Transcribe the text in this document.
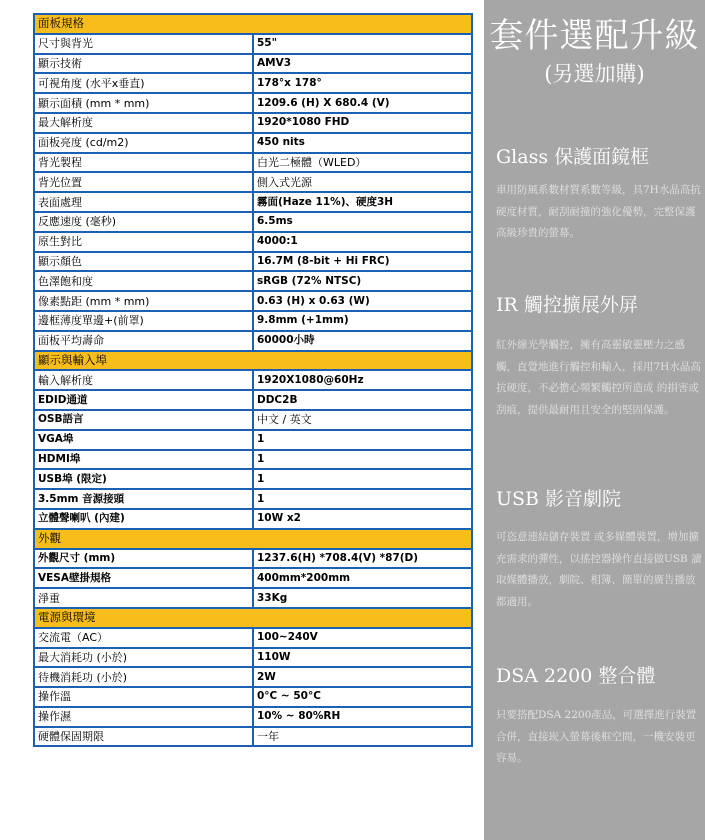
面板規格	
尺寸與背光	55"
顯示技術	AMV3
可視角度 (水平x垂直)	178°x 178°
顯示面積 (mm * mm)	1209.6 (H) X 680.4 (V)
最大解析度	1920*1080 FHD
面板亮度 (cd/m2)	450 nits
背光製程	白光二極體（WLED）
背光位置	側入式光源
表面處理	霧面(Haze 11%)、硬度3H
反應速度 (毫秒)	6.5ms
原生對比	4000:1
顯示顏色	16.7M (8-bit + Hi FRC)
色澤飽和度	sRGB (72% NTSC)
像素點距 (mm * mm)	0.63 (H) x 0.63 (W)
邊框薄度單邊+(前罩)	9.8mm (+1mm)
面板平均壽命	60000小時
顯示與輸入埠	
輸入解析度	1920X1080@60Hz
EDID通道	DDC2B
OSB語言	中文 / 英文
VGA埠	1
HDMI埠	1
USB埠 (限定)	1
3.5mm 音源接頭	1
立體聲喇叭 (內建)	10W x2
外觀	
外觀尺寸 (mm)	1237.6(H) *708.4(V) *87(D)
VESA壁掛規格	400mm*200mm
淨重	33Kg
電源與環境	
交流電（AC）	100~240V
最大消耗功 (小於)	110W
待機消耗功 (小於)	2W
操作溫	0°C ~ 50°C
操作濕	10% ~ 80%RH
硬體保固期限	一年
套件選配升級
(另選加購)
Glass 保護面鏡框
車用防風系數材質系數等級，具7H水晶高抗硬度材質，耐刮耐撞的強化優勢，完整保護高級珍貴的螢幕。
IR 觸控擴展外屏
紅外線光學觸控，擁有高靈敏靈壓力之感觸，直覺地進行觸控和輸入，採用7H水晶高抗硬度，不必擔心頻繁觸控所造成 的損害或刮痕，提供最耐用且安全的堅固保護。
USB 影音劇院
可恣意連結儲存裝置 或多媒體裝置，增加擴充需求的彈性，以搖控器操作直接做USB 讀取媒體播放，劇院、相簿、簡單的廣告播放都適用。
DSA 2200 整合體
只要搭配DSA 2200產品，可選擇進行裝置合併，直接崁入螢幕後框空間，一機安裝更容易。
